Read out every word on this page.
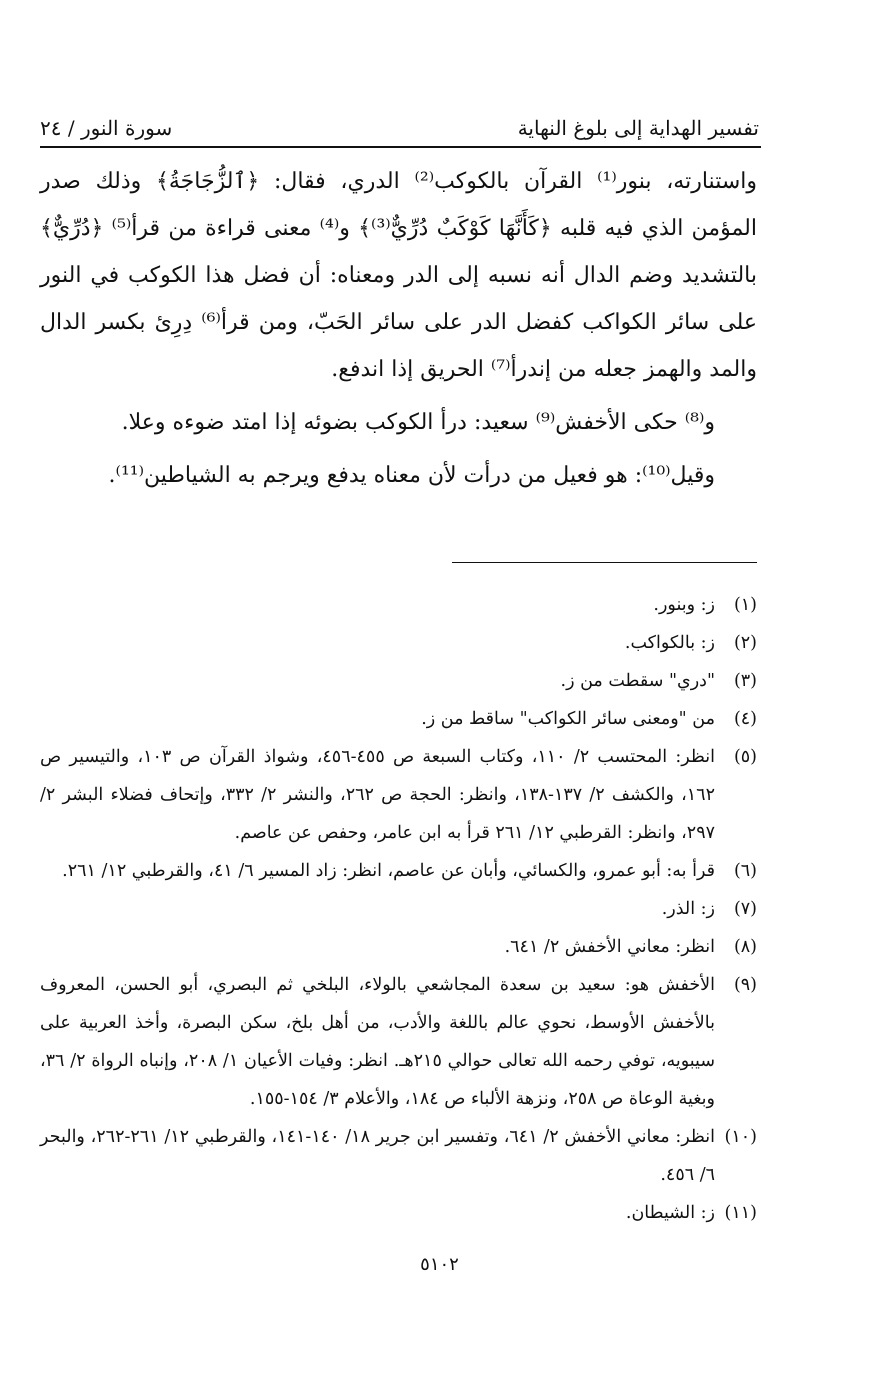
تفسير الهداية إلى بلوغ النهاية
سورة النور / ٢٤

واستنارته، بنور⁽¹⁾ القرآن بالكوكب⁽²⁾ الدري، فقال: ﴿ٱلزُّجَاجَةُ﴾ وذلك صدر المؤمن الذي فيه قلبه ﴿كَأَنَّهَا كَوْكَبٌ دُرِّيٌّ⁽³⁾﴾ و⁽⁴⁾ معنى قراءة من قرأ⁽⁵⁾ ﴿دُرِّيٌّ﴾ بالتشديد وضم الدال أنه نسبه إلى الدر ومعناه: أن فضل هذا الكوكب في النور على سائر الكواكب كفضل الدر على سائر الحَبّ، ومن قرأ⁽⁶⁾ دِرِئ بكسر الدال والمد والهمز جعله من إندرأ⁽⁷⁾ الحريق إذا اندفع.

و⁽⁸⁾ حكى الأخفش⁽⁹⁾ سعيد: درأ الكوكب بضوئه إذا امتد ضوءه وعلا.

وقيل⁽¹⁰⁾: هو فعيل من درأت لأن معناه يدفع ويرجم به الشياطين⁽¹¹⁾.

(١)
ز: وبنور.
(٢)
ز: بالكواكب.
(٣)
"دري" سقطت من ز.
(٤)
من "ومعنى سائر الكواكب" ساقط من ز.
(٥)
انظر: المحتسب ٢/ ١١٠، وكتاب السبعة ص ٤٥٥-٤٥٦، وشواذ القرآن ص ١٠٣، والتيسير ص ١٦٢، والكشف ٢/ ١٣٧-١٣٨، وانظر: الحجة ص ٢٦٢، والنشر ٢/ ٣٣٢، وإتحاف فضلاء البشر ٢/ ٢٩٧، وانظر: القرطبي ١٢/ ٢٦١ قرأ به ابن عامر، وحفص عن عاصم.
(٦)
قرأ به: أبو عمرو، والكسائي، وأبان عن عاصم، انظر: زاد المسير ٦/ ٤١، والقرطبي ١٢/ ٢٦١.
(٧)
ز: الذر.
(٨)
انظر: معاني الأخفش ٢/ ٦٤١.
(٩)
الأخفش هو: سعيد بن سعدة المجاشعي بالولاء، البلخي ثم البصري، أبو الحسن، المعروف بالأخفش الأوسط، نحوي عالم باللغة والأدب، من أهل بلخ، سكن البصرة، وأخذ العربية على سيبويه، توفي رحمه الله تعالى حوالي ٢١٥هـ. انظر: وفيات الأعيان ١/ ٢٠٨، وإنباه الرواة ٢/ ٣٦، وبغية الوعاة ص ٢٥٨، ونزهة الألباء ص ١٨٤، والأعلام ٣/ ١٥٤-١٥٥.
(١٠)
انظر: معاني الأخفش ٢/ ٦٤١، وتفسير ابن جرير ١٨/ ١٤٠-١٤١، والقرطبي ١٢/ ٢٦١-٢٦٢، والبحر ٦/ ٤٥٦.
(١١)
ز: الشيطان.
٥١٠٢
